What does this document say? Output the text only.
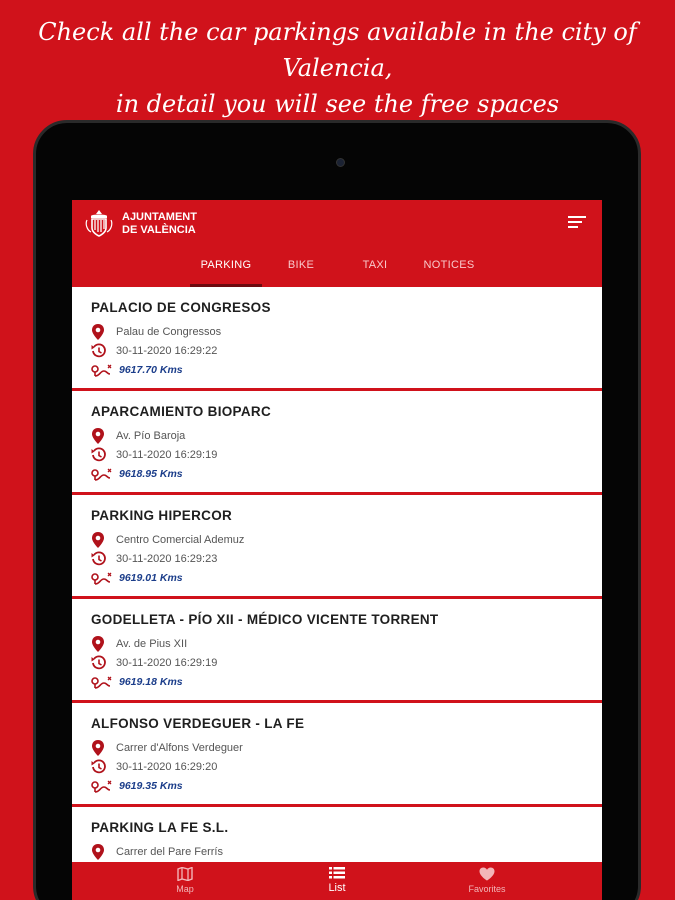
Check all the car parkings available in the city of Valencia,
in detail you will see the free spaces
AJUNTAMENT
DE VALÈNCIA
PARKING	BIKE	TAXI	NOTICES
PALACIO DE CONGRESOS
Palau de Congressos
30-11-2020 16:29:22
9617.70 Kms
APARCAMIENTO BIOPARC
Av. Pío Baroja
30-11-2020 16:29:19
9618.95 Kms
PARKING HIPERCOR
Centro Comercial Ademuz
30-11-2020 16:29:23
9619.01 Kms
GODELLETA - PÍO XII - MÉDICO VICENTE TORRENT
Av. de Pius XII
30-11-2020 16:29:19
9619.18 Kms
ALFONSO VERDEGUER - LA FE
Carrer d'Alfons Verdeguer
30-11-2020 16:29:20
9619.35 Kms
PARKING LA FE S.L.
Carrer del Pare Ferrís
Map	List	Favorites
